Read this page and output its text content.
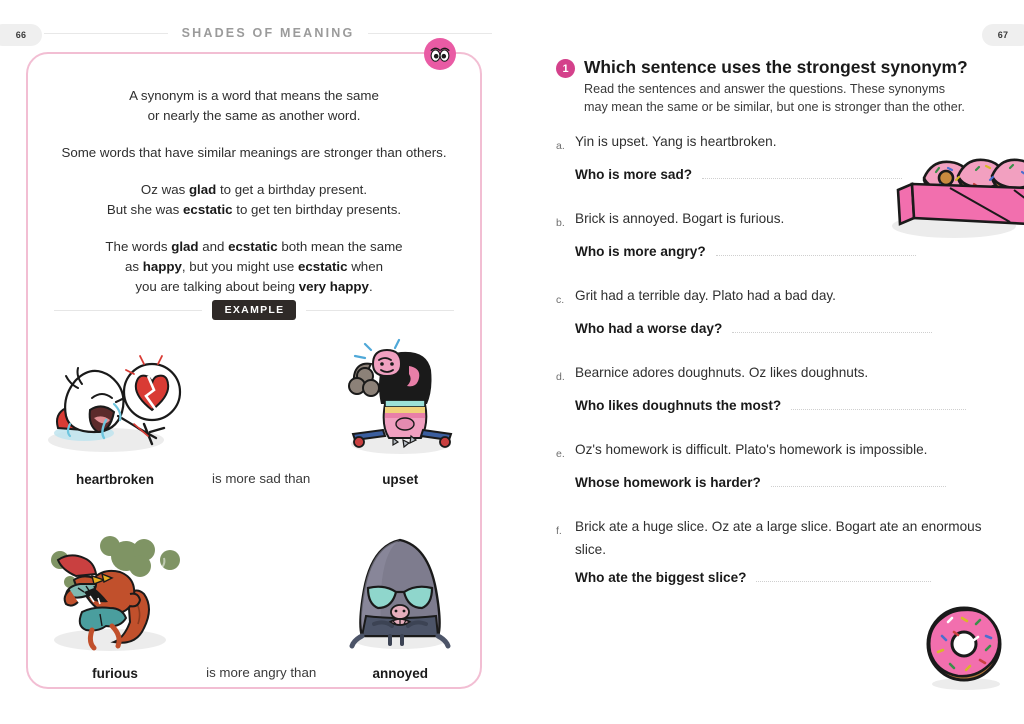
66	SHADES OF MEANING

A synonym is a word that means the same
or nearly the same as another word.

Some words that have similar meanings are stronger than others.

Oz was glad to get a birthday present.
But she was ecstatic to get ten birthday presents.

The words glad and ecstatic both mean the same
as happy, but you might use ecstatic when
you are talking about being very happy.

EXAMPLE
heartbroken	is more sad than	upset
furious	is more angry than	annoyed
67
1 Which sentence uses the strongest synonym?

Read the sentences and answer the questions. These synonyms
may mean the same or be similar, but one is stronger than the other.

a. Yin is upset. Yang is heartbroken.
Who is more sad?
b. Brick is annoyed. Bogart is furious.
Who is more angry?
c. Grit had a terrible day. Plato had a bad day.
Who had a worse day?
d. Bearnice adores doughnuts. Oz likes doughnuts.
Who likes doughnuts the most?
e. Oz's homework is difficult. Plato's homework is impossible.
Whose homework is harder?
f. Brick ate a huge slice. Oz ate a large slice. Bogart ate an enormous slice.
Who ate the biggest slice?
